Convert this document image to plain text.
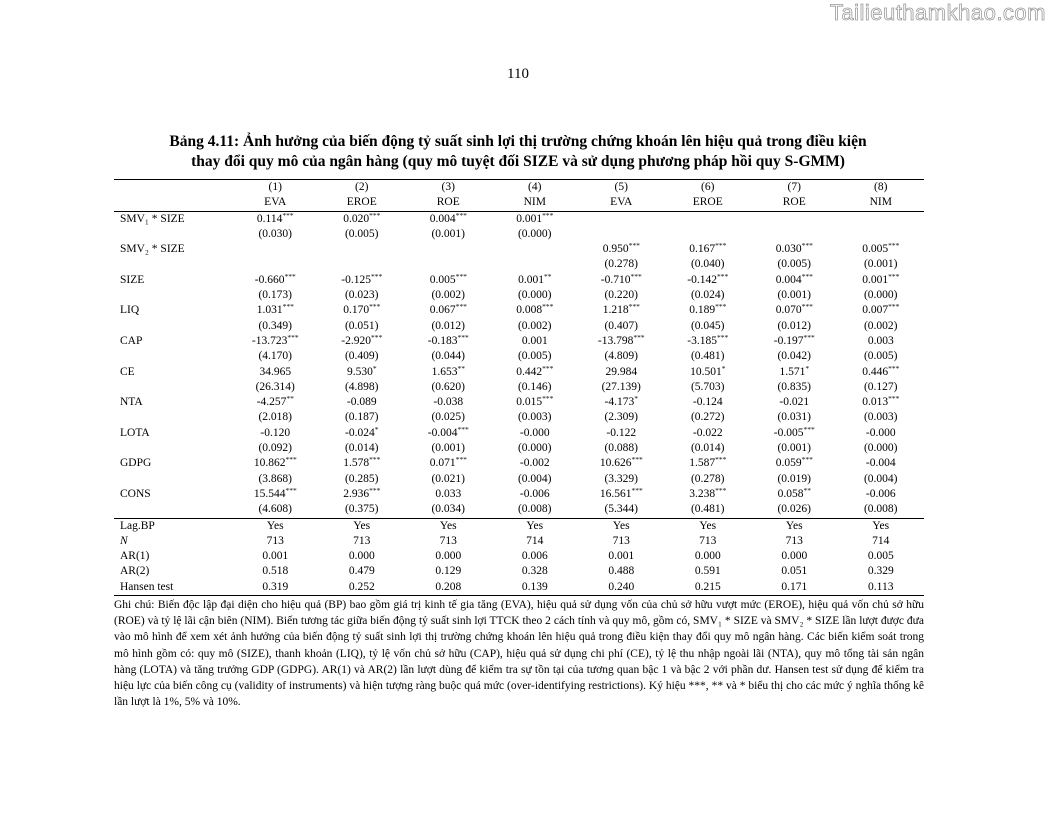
Tailieuthamkhao.com
110
Bảng 4.11: Ảnh hưởng của biến động tỷ suất sinh lợi thị trường chứng khoán lên hiệu quả trong điều kiện
thay đổi quy mô của ngân hàng (quy mô tuyệt đối SIZE và sử dụng phương pháp hồi quy S-GMM)
	(1)	(2)	(3)	(4)	(5)	(6)	(7)	(8)
	EVA	EROE	ROE	NIM	EVA	EROE	ROE	NIM
SMV₁ * SIZE	0.114***	0.020***	0.004***	0.001***				
	(0.030)	(0.005)	(0.001)	(0.000)				
SMV₂ * SIZE					0.950***	0.167***	0.030***	0.005***
					(0.278)	(0.040)	(0.005)	(0.001)
SIZE	-0.660***	-0.125***	0.005***	0.001**	-0.710***	-0.142***	0.004***	0.001***
	(0.173)	(0.023)	(0.002)	(0.000)	(0.220)	(0.024)	(0.001)	(0.000)
LIQ	1.031***	0.170***	0.067***	0.008***	1.218***	0.189***	0.070***	0.007***
	(0.349)	(0.051)	(0.012)	(0.002)	(0.407)	(0.045)	(0.012)	(0.002)
CAP	-13.723***	-2.920***	-0.183***	0.001	-13.798***	-3.185***	-0.197***	0.003
	(4.170)	(0.409)	(0.044)	(0.005)	(4.809)	(0.481)	(0.042)	(0.005)
CE	34.965	9.530*	1.653**	0.442***	29.984	10.501*	1.571*	0.446***
	(26.314)	(4.898)	(0.620)	(0.146)	(27.139)	(5.703)	(0.835)	(0.127)
NTA	-4.257**	-0.089	-0.038	0.015***	-4.173*	-0.124	-0.021	0.013***
	(2.018)	(0.187)	(0.025)	(0.003)	(2.309)	(0.272)	(0.031)	(0.003)
LOTA	-0.120	-0.024*	-0.004***	-0.000	-0.122	-0.022	-0.005***	-0.000
	(0.092)	(0.014)	(0.001)	(0.000)	(0.088)	(0.014)	(0.001)	(0.000)
GDPG	10.862***	1.578***	0.071***	-0.002	10.626***	1.587***	0.059***	-0.004
	(3.868)	(0.285)	(0.021)	(0.004)	(3.329)	(0.278)	(0.019)	(0.004)
CONS	15.544***	2.936***	0.033	-0.006	16.561***	3.238***	0.058**	-0.006
	(4.608)	(0.375)	(0.034)	(0.008)	(5.344)	(0.481)	(0.026)	(0.008)
Lag.BP	Yes	Yes	Yes	Yes	Yes	Yes	Yes	Yes
N	713	713	713	714	713	713	713	714
AR(1)	0.001	0.000	0.000	0.006	0.001	0.000	0.000	0.005
AR(2)	0.518	0.479	0.129	0.328	0.488	0.591	0.051	0.329
Hansen test	0.319	0.252	0.208	0.139	0.240	0.215	0.171	0.113
Ghi chú: Biến độc lập đại diện cho hiệu quả (BP) bao gồm giá trị kinh tế gia tăng (EVA), hiệu quả sử dụng vốn của chủ sở hữu vượt mức (EROE), hiệu quả vốn chủ sở hữu (ROE) và tỷ lệ lãi cận biên (NIM). Biến tương tác giữa biến động tỷ suất sinh lợi TTCK theo 2 cách tính và quy mô, gồm có, SMV₁ * SIZE và SMV₂ * SIZE lần lượt được đưa vào mô hình để xem xét ảnh hưởng của biến động tỷ suất sinh lợi thị trường chứng khoán lên hiệu quả trong điều kiện thay đổi quy mô ngân hàng. Các biến kiểm soát trong mô hình gồm có: quy mô (SIZE), thanh khoản (LIQ), tỷ lệ vốn chủ sở hữu (CAP), hiệu quả sử dụng chi phí (CE), tỷ lệ thu nhập ngoài lãi (NTA), quy mô tổng tài sản ngân hàng (LOTA) và tăng trưởng GDP (GDPG). AR(1) và AR(2) lần lượt dùng để kiểm tra sự tồn tại của tương quan bậc 1 và bậc 2 với phần dư. Hansen test sử dụng để kiểm tra hiệu lực của biến công cụ (validity of instruments) và hiện tượng ràng buộc quá mức (over-identifying restrictions). Ký hiệu ***, ** và * biểu thị cho các mức ý nghĩa thống kê lần lượt là 1%, 5% và 10%.
